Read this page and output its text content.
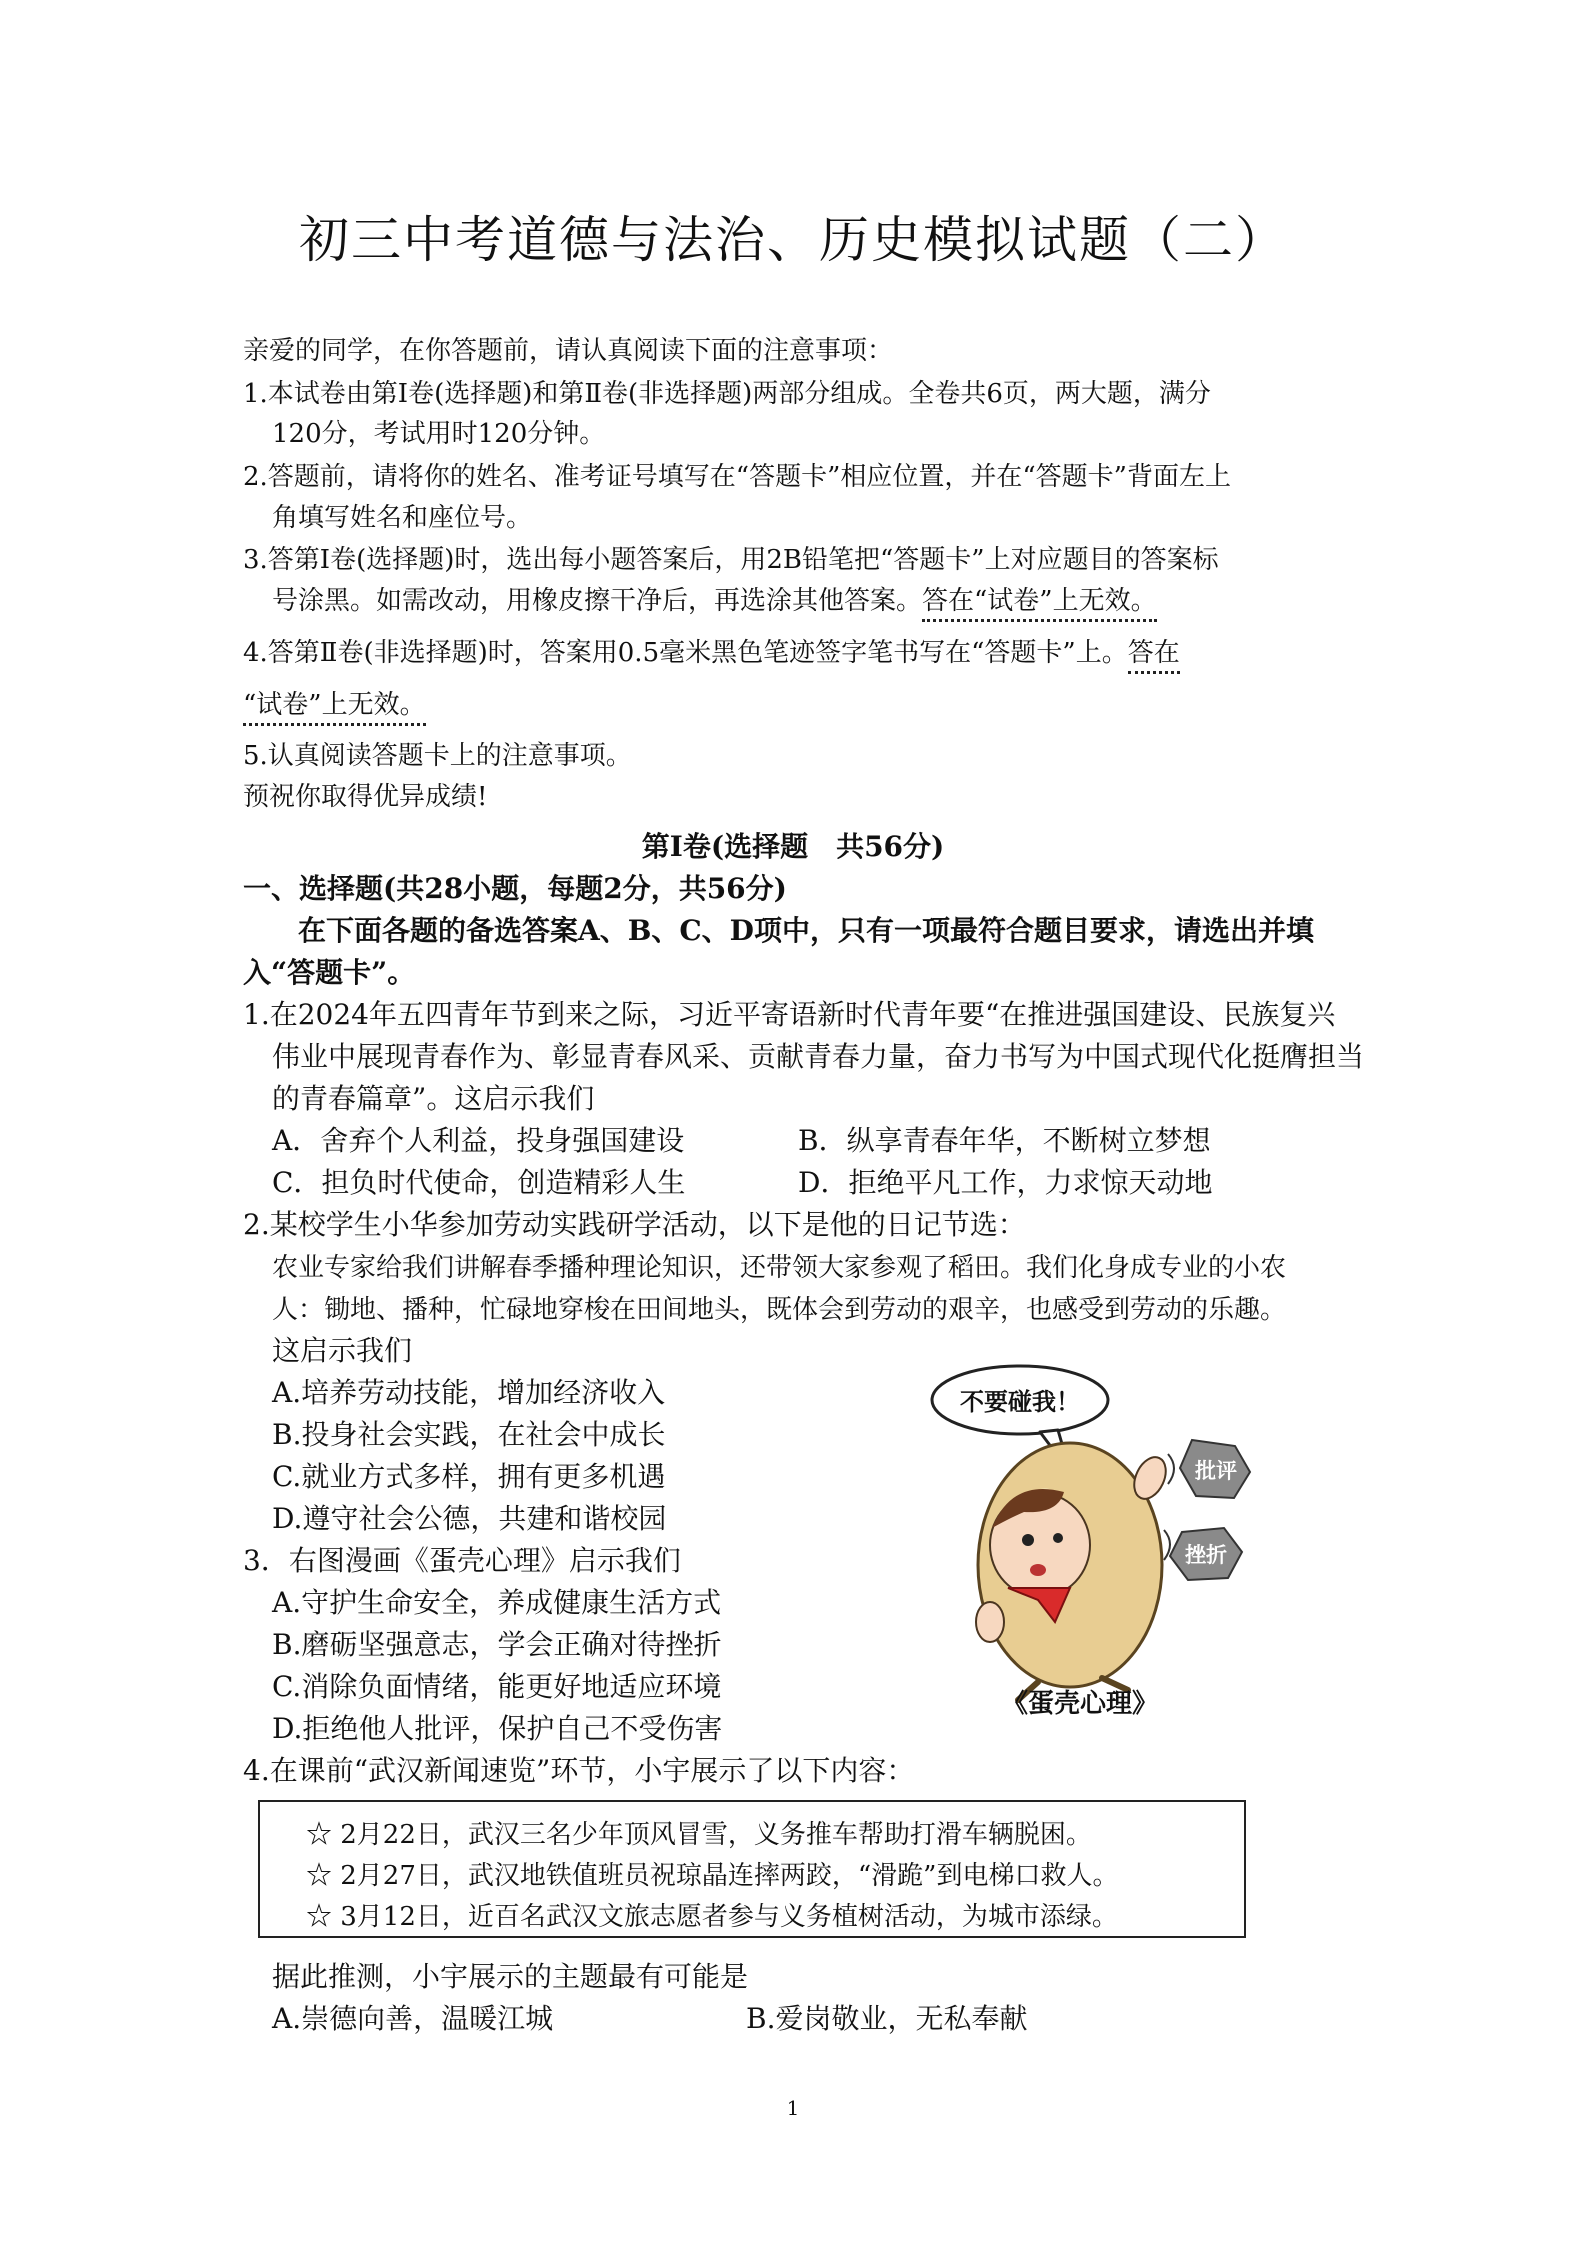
初三中考道德与法治、历史模拟试题（二）
亲爱的同学，在你答题前，请认真阅读下面的注意事项：
1.本试卷由第Ⅰ卷(选择题)和第Ⅱ卷(非选择题)两部分组成。全卷共6页，两大题，满分
120分，考试用时120分钟。
2.答题前，请将你的姓名、准考证号填写在“答题卡”相应位置，并在“答题卡”背面左上
角填写姓名和座位号。
3.答第Ⅰ卷(选择题)时，选出每小题答案后，用2B铅笔把“答题卡”上对应题目的答案标
号涂黑。如需改动，用橡皮擦干净后，再选涂其他答案。答在“试卷”上无效。
4.答第Ⅱ卷(非选择题)时，答案用0.5毫米黑色笔迹签字笔书写在“答题卡”上。答在
“试卷”上无效。
5.认真阅读答题卡上的注意事项。
预祝你取得优异成绩!
第Ⅰ卷(选择题　共56分)
一、选择题(共28小题，每题2分，共56分)
在下面各题的备选答案A、B、C、D项中，只有一项最符合题目要求，请选出并填
入“答题卡”。
1.在2024年五四青年节到来之际，习近平寄语新时代青年要“在推进强国建设、民族复兴
伟业中展现青春作为、彰显青春风采、贡献青春力量，奋力书写为中国式现代化挺膺担当
的青春篇章”。这启示我们
A．舍弃个人利益，投身强国建设	B．纵享青春年华，不断树立梦想
C．担负时代使命，创造精彩人生	D．拒绝平凡工作，力求惊天动地
2.某校学生小华参加劳动实践研学活动，以下是他的日记节选：
农业专家给我们讲解春季播种理论知识，还带领大家参观了稻田。我们化身成专业的小农
人：锄地、播种，忙碌地穿梭在田间地头，既体会到劳动的艰辛，也感受到劳动的乐趣。
这启示我们
A.培养劳动技能，增加经济收入
B.投身社会实践，在社会中成长
C.就业方式多样，拥有更多机遇
D.遵守社会公德，共建和谐校园
3．右图漫画《蛋壳心理》启示我们
A.守护生命安全，养成健康生活方式
B.磨砺坚强意志，学会正确对待挫折
C.消除负面情绪，能更好地适应环境
D.拒绝他人批评，保护自己不受伤害
不要碰我！
批评
挫折
《蛋壳心理》
4.在课前“武汉新闻速览”环节，小宇展示了以下内容：
☆ 2月22日，武汉三名少年顶风冒雪，义务推车帮助打滑车辆脱困。
☆ 2月27日，武汉地铁值班员祝琼晶连摔两跤，“滑跪”到电梯口救人。
☆ 3月12日，近百名武汉文旅志愿者参与义务植树活动，为城市添绿。
据此推测，小宇展示的主题最有可能是
A.崇德向善，温暖江城	B.爱岗敬业，无私奉献
1
